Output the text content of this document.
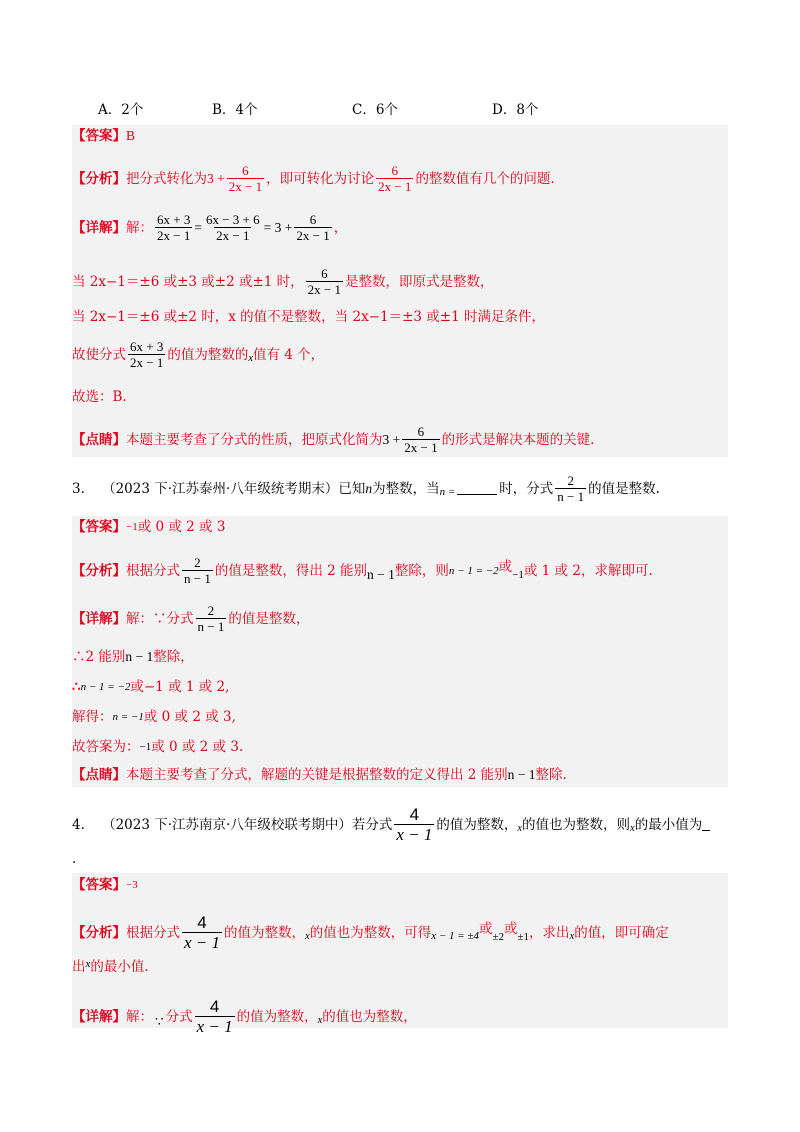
A．2个	B．4个	C．6个	D．8个
【答案】 B
【分析】 把分式转化为 $3 + \frac{6}{2x - 1}$ ，即可转化为讨论 $\frac{6}{2x - 1}$ 的整数值有几个的问题.
【详解】 解： $\frac{6x + 3}{2x - 1} = \frac{6x - 3 + 6}{2x - 1} = 3 + \frac{6}{2x - 1}$ ，
当 2x−1＝±6 或±3 或±2 或±1 时， $\frac{6}{2x - 1}$ 是整数，即原式是整数，
当 2x−1＝±6 或±2 时，x 的值不是整数，当 2x−1＝±3 或±1 时满足条件，
故使分式 $\frac{6x + 3}{2x - 1}$ 的值为整数的 x 值有 4 个，
故选：B.
【点睛】 本题主要考查了分式的性质，把原式化简为 $3 + \frac{6}{2x - 1}$ 的形式是解决本题的关键.
3． （2023 下·江苏泰州·八年级统考期末）已知 n 为整数，当 n =	时，分式 $\frac{2}{n - 1}$ 的值是整数.
【答案】 −1 或 0 或 2 或 3
【分析】 根据分式 $\frac{2}{n - 1}$ 的值是整数，得出 2 能别 n − 1 整除，则 n − 1 = −2 或 −1 或 1 或 2，求解即可.
【详解】 解：∵分式 $\frac{2}{n - 1}$ 的值是整数，
∴2 能别 n − 1 整除，
∴ n − 1 = −2 或−1 或 1 或 2,
解得： n = −1 或 0 或 2 或 3,
故答案为： −1 或 0 或 2 或 3.
【点睛】 本题主要考查了分式，解题的关键是根据整数的定义得出 2 能别 n − 1 整除.
4． （2023 下·江苏南京·八年级校联考期中）若分式 $\frac{4}{x - 1}$ 的值为整数， x 的值也为整数，则 x 的最小值为
.
【答案】 −3
【分析】 根据分式 $\frac{4}{x - 1}$ 的值为整数， x 的值也为整数，可得 x − 1 = ±4 或 ±2 或 ±1 ，求出 x 的值，即可确定
出 x 的最小值.
【详解】 解： ∵ 分式 $\frac{4}{x - 1}$ 的值为整数， x 的值也为整数，
